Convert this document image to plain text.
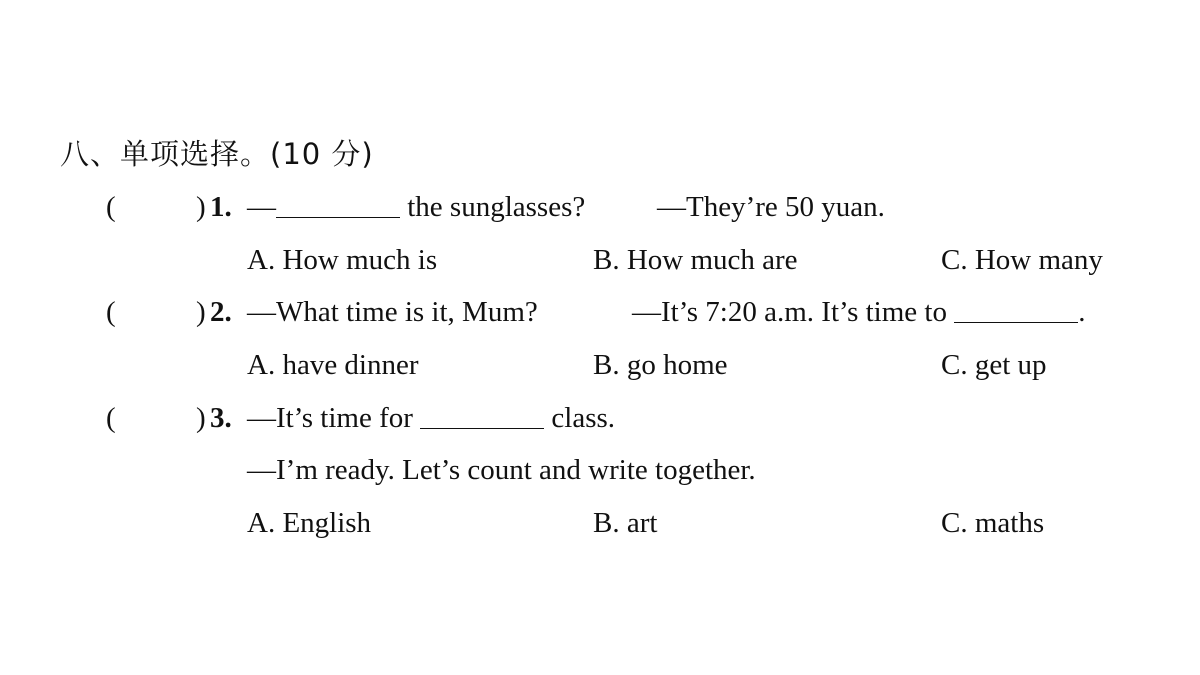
八、单项选择。(10 分)
(	) 1. —	the sunglasses? —They’re 50 yuan.
A. How much is	B. How much are	C. How many
(	) 2. —What time is it, Mum?	—It’s 7:20 a.m. It’s time to	.
A. have dinner	B. go home	C. get up
(	) 3. —It’s time for	class.
—I’m ready. Let’s count and write together.
A. English	B. art	C. maths
